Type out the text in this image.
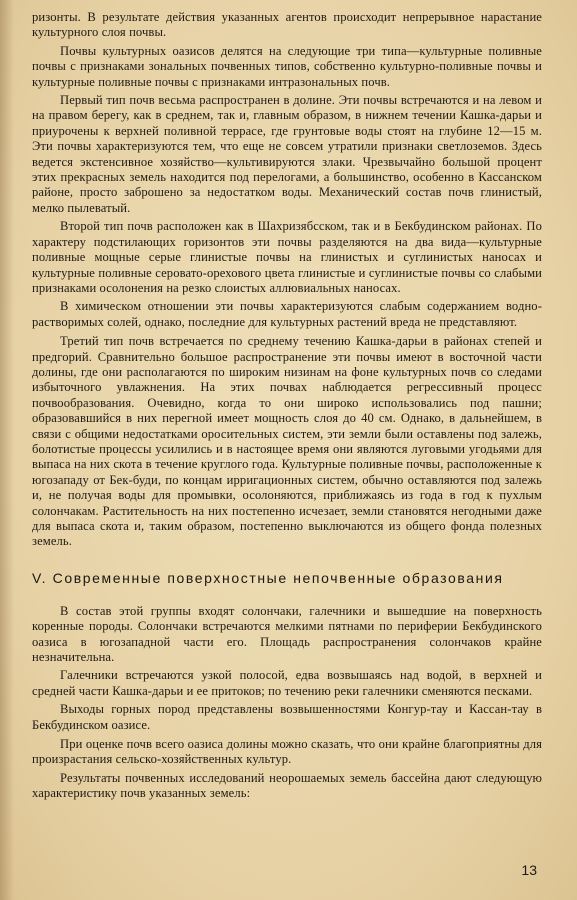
ризонты. В результате действия указанных агентов происходит непрерывное нарастание культурного слоя почвы.

Почвы культурных оазисов делятся на следующие три типа—культурные поливные почвы с признаками зональных почвенных типов, собственно культурно-поливные почвы и культурные поливные почвы с признаками интразональных почв.

Первый тип почв весьма распространен в долине. Эти почвы встречаются и на левом и на правом берегу, как в среднем, так и, главным образом, в нижнем течении Кашка-дарьи и приурочены к верхней поливной террасе, где грунтовые воды стоят на глубине 12—15 м. Эти почвы характеризуются тем, что еще не совсем утратили признаки светлоземов. Здесь ведется экстенсивное хозяйство—культивируются злаки. Чрезвычайно большой процент этих прекрасных земель находится под перелогами, а большинство, особенно в Кассанском районе, просто заброшено за недостатком воды. Механический состав почв глинистый, мелко пылеватый.

Второй тип почв расположен как в Шахризябсском, так и в Бекбудинском районах. По характеру подстилающих горизонтов эти почвы разделяются на два вида—культурные поливные мощные серые глинистые почвы на глинистых и суглинистых наносах и культурные поливные серовато-орехового цвета глинистые и суглинистые почвы со слабыми признаками осолонения на резко слоистых аллювиальных наносах.

В химическом отношении эти почвы характеризуются слабым содержанием водно-растворимых солей, однако, последние для культурных растений вреда не представляют.

Третий тип почв встречается по среднему течению Кашка-дарьи в районах степей и предгорий. Сравнительно большое распространение эти почвы имеют в восточной части долины, где они располагаются по широким низинам на фоне культурных почв со следами избыточного увлажнения. На этих почвах наблюдается регрессивный процесс почвообразования. Очевидно, когда то они широко использовались под пашни; образовавшийся в них перегной имеет мощность слоя до 40 см. Однако, в дальнейшем, в связи с общими недостатками оросительных систем, эти земли были оставлены под залежь, болотистые процессы усилились и в настоящее время они являются луговыми угодьями для выпаса на них скота в течение круглого года. Культурные поливные почвы, расположенные к югозападу от Бек-буди, по концам ирригационных систем, обычно оставляются под залежь и, не получая воды для промывки, осолоняются, приближаясь из года в год к пухлым солончакам. Растительность на них постепенно исчезает, земли становятся негодными даже для выпаса скота и, таким образом, постепенно выключаются из общего фонда полезных земель.

V. Современные поверхностные непочвенные образования

В состав этой группы входят солончаки, галечники и вышедшие на поверхность коренные породы. Солончаки встречаются мелкими пятнами по периферии Бекбудинского оазиса в югозападной части его. Площадь распространения солончаков крайне незначительна.

Галечники встречаются узкой полосой, едва возвышаясь над водой, в верхней и средней части Кашка-дарьи и ее притоков; по течению реки галечники сменяются песками.

Выходы горных пород представлены возвышенностями Конгур-тау и Кассан-тау в Бекбудинском оазисе.

При оценке почв всего оазиса долины можно сказать, что они крайне благоприятны для произрастания сельско-хозяйственных культур.

Результаты почвенных исследований неорошаемых земель бассейна дают следующую характеристику почв указанных земель:

13
